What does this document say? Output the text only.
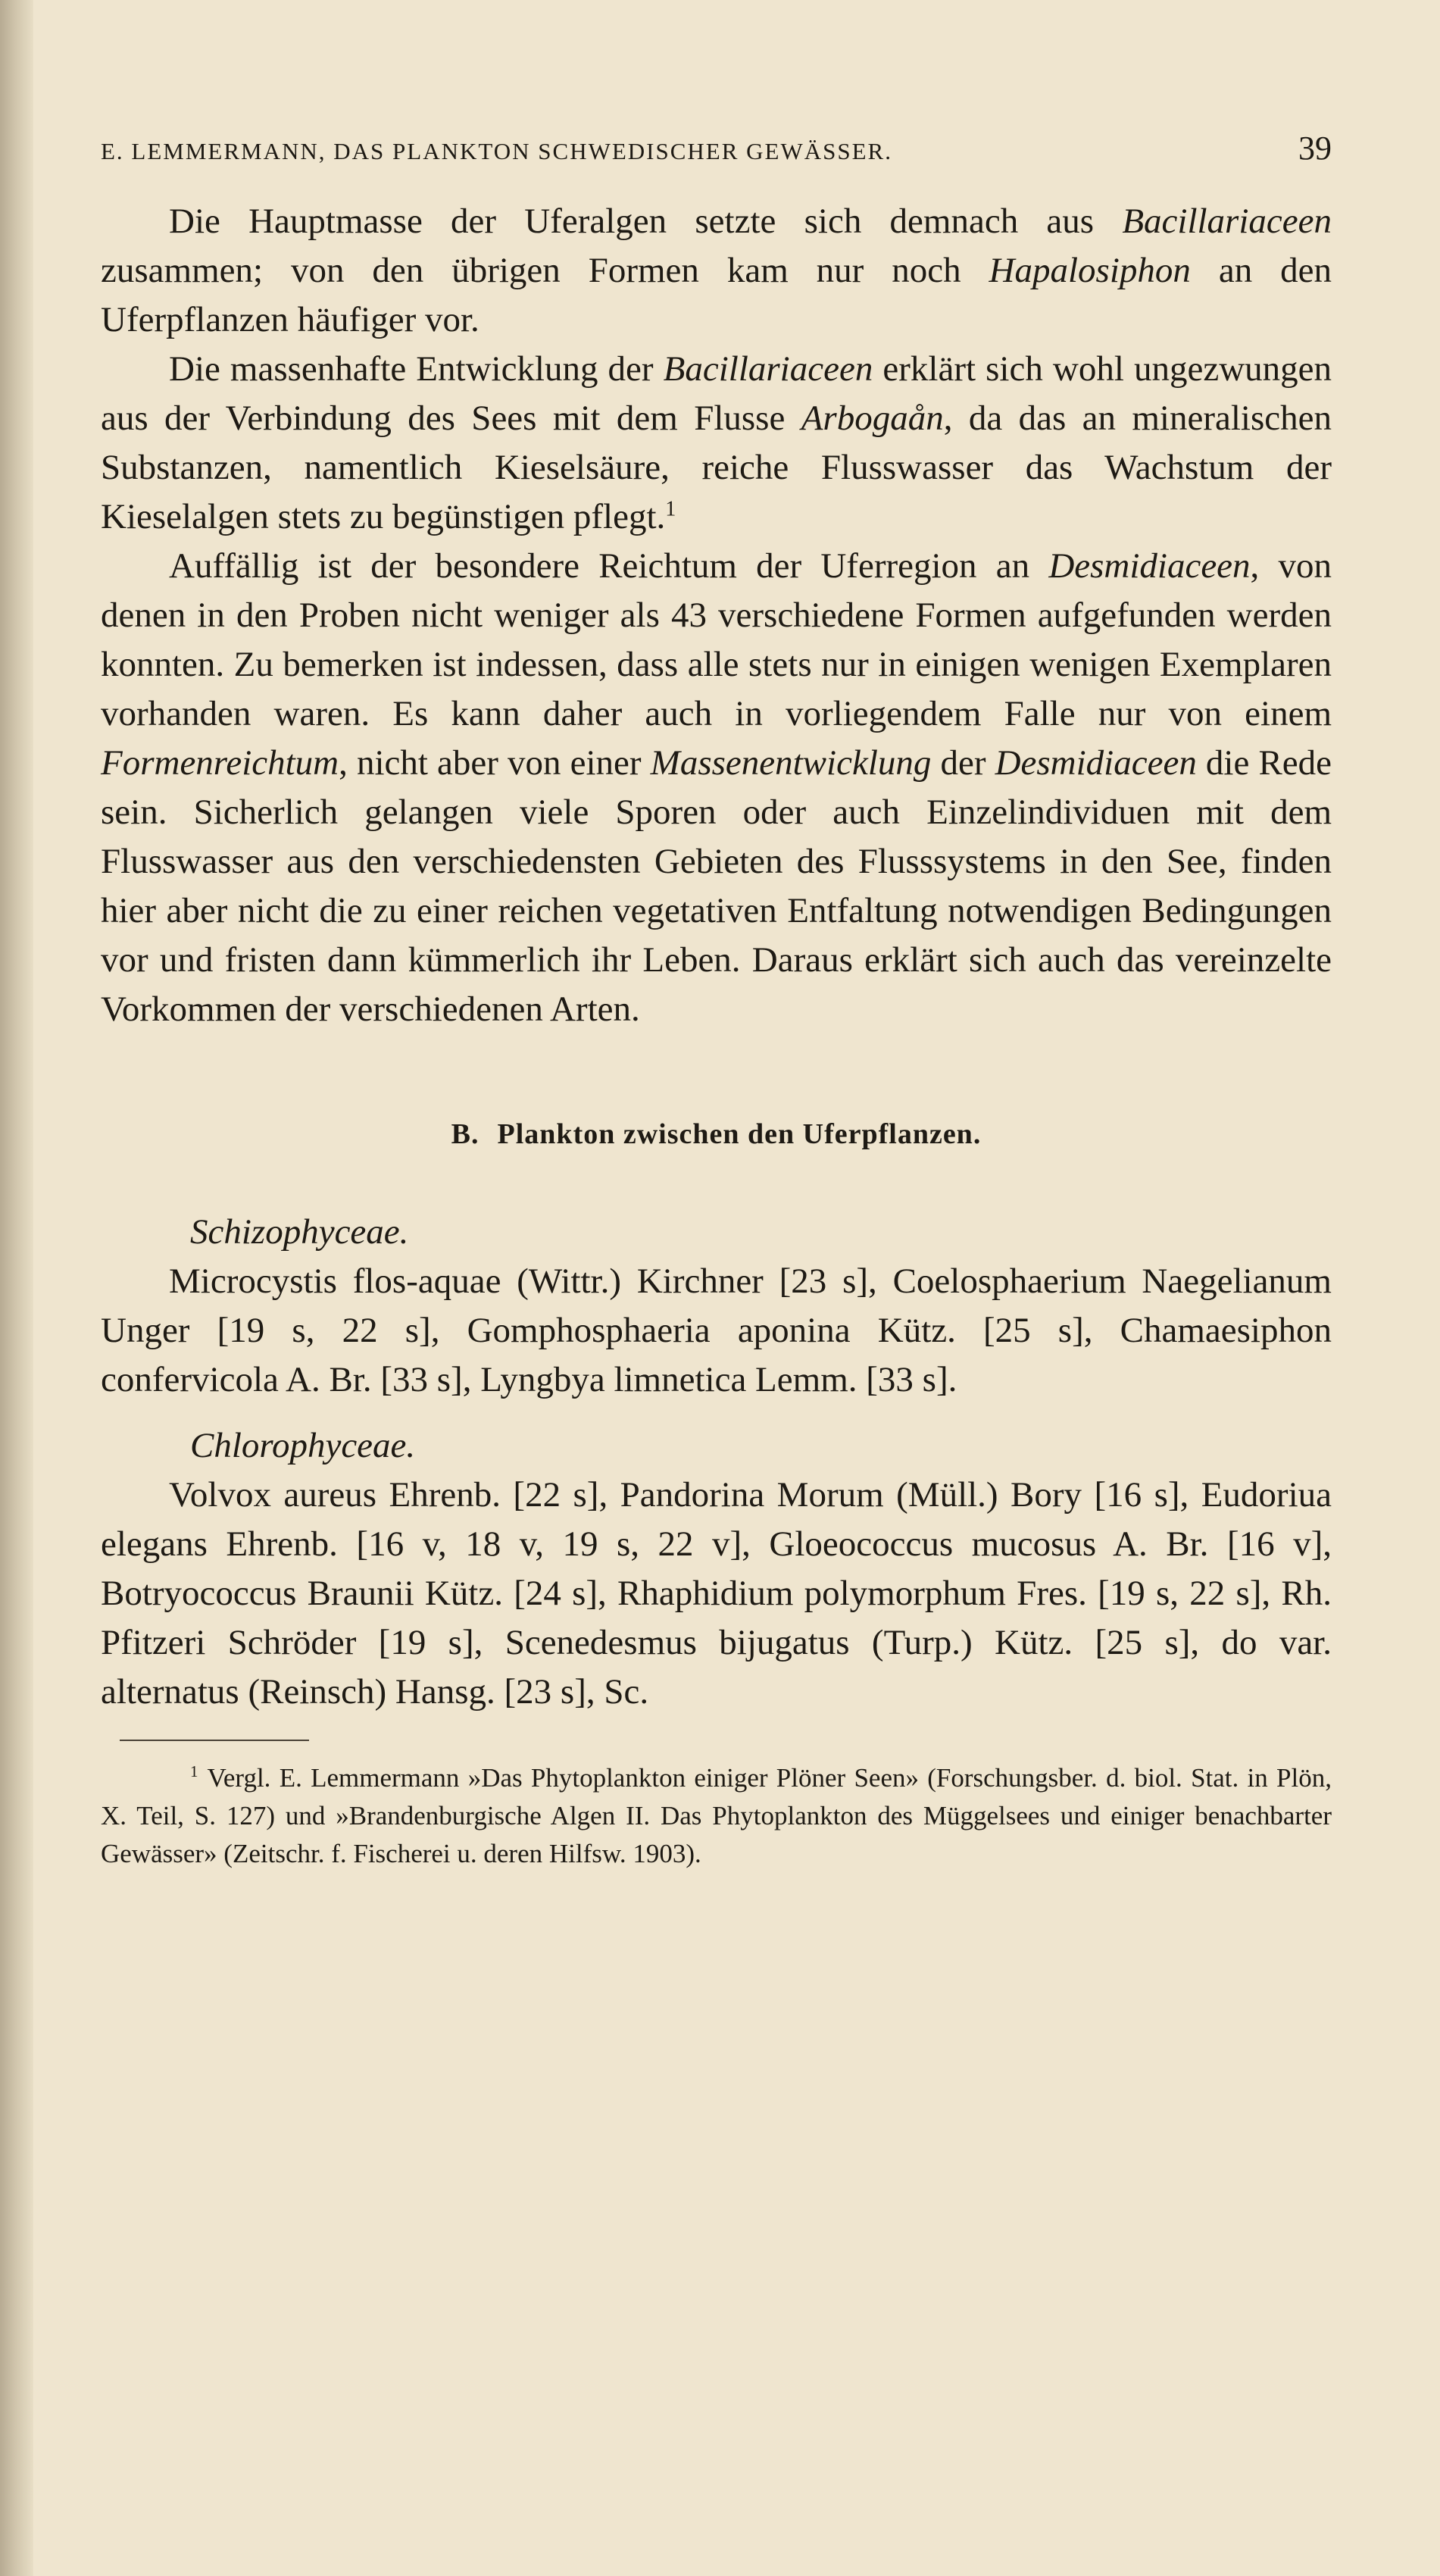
E. LEMMERMANN, DAS PLANKTON SCHWEDISCHER GEWÄSSER.	39

Die Hauptmasse der Uferalgen setzte sich demnach aus Bacillariaceen zusammen; von den übrigen Formen kam nur noch Hapalosiphon an den Uferpflanzen häufiger vor.

Die massenhafte Entwicklung der Bacillariaceen erklärt sich wohl ungezwungen aus der Verbindung des Sees mit dem Flusse Arbogaån, da das an mineralischen Substanzen, namentlich Kieselsäure, reiche Flusswasser das Wachstum der Kieselalgen stets zu begünstigen pflegt.$^1$

Auffällig ist der besondere Reichtum der Uferregion an Desmidiaceen, von denen in den Proben nicht weniger als 43 verschiedene Formen aufgefunden werden konnten. Zu bemerken ist indessen, dass alle stets nur in einigen wenigen Exemplaren vorhanden waren. Es kann daher auch in vorliegendem Falle nur von einem Formenreichtum, nicht aber von einer Massenentwicklung der Desmidiaceen die Rede sein. Sicherlich gelangen viele Sporen oder auch Einzelindividuen mit dem Flusswasser aus den verschiedensten Gebieten des Flusssystems in den See, finden hier aber nicht die zu einer reichen vegetativen Entfaltung notwendigen Bedingungen vor und fristen dann kümmerlich ihr Leben. Daraus erklärt sich auch das vereinzelte Vorkommen der verschiedenen Arten.

B. Plankton zwischen den Uferpflanzen.
Schizophyceae.

Microcystis flos-aquae (Wittr.) Kirchner [23 s], Coelosphaerium Naegelianum Unger [19 s, 22 s], Gomphosphaeria aponina Kütz. [25 s], Chamaesiphon confervicola A. Br. [33 s], Lyngbya limnetica Lemm. [33 s].

Chlorophyceae.

Volvox aureus Ehrenb. [22 s], Pandorina Morum (Müll.) Bory [16 s], Eudoriua elegans Ehrenb. [16 v, 18 v, 19 s, 22 v], Gloeococcus mucosus A. Br. [16 v], Botryococcus Braunii Kütz. [24 s], Rhaphidium polymorphum Fres. [19 s, 22 s], Rh. Pfitzeri Schröder [19 s], Scenedesmus bijugatus (Turp.) Kütz. [25 s], do var. alternatus (Reinsch) Hansg. [23 s], Sc.

$^1$ Vergl. E. Lemmermann »Das Phytoplankton einiger Plöner Seen» (Forschungsber. d. biol. Stat. in Plön, X. Teil, S. 127) und »Brandenburgische Algen II. Das Phytoplankton des Müggelsees und einiger benachbarter Gewässer» (Zeitschr. f. Fischerei u. deren Hilfsw. 1903).
